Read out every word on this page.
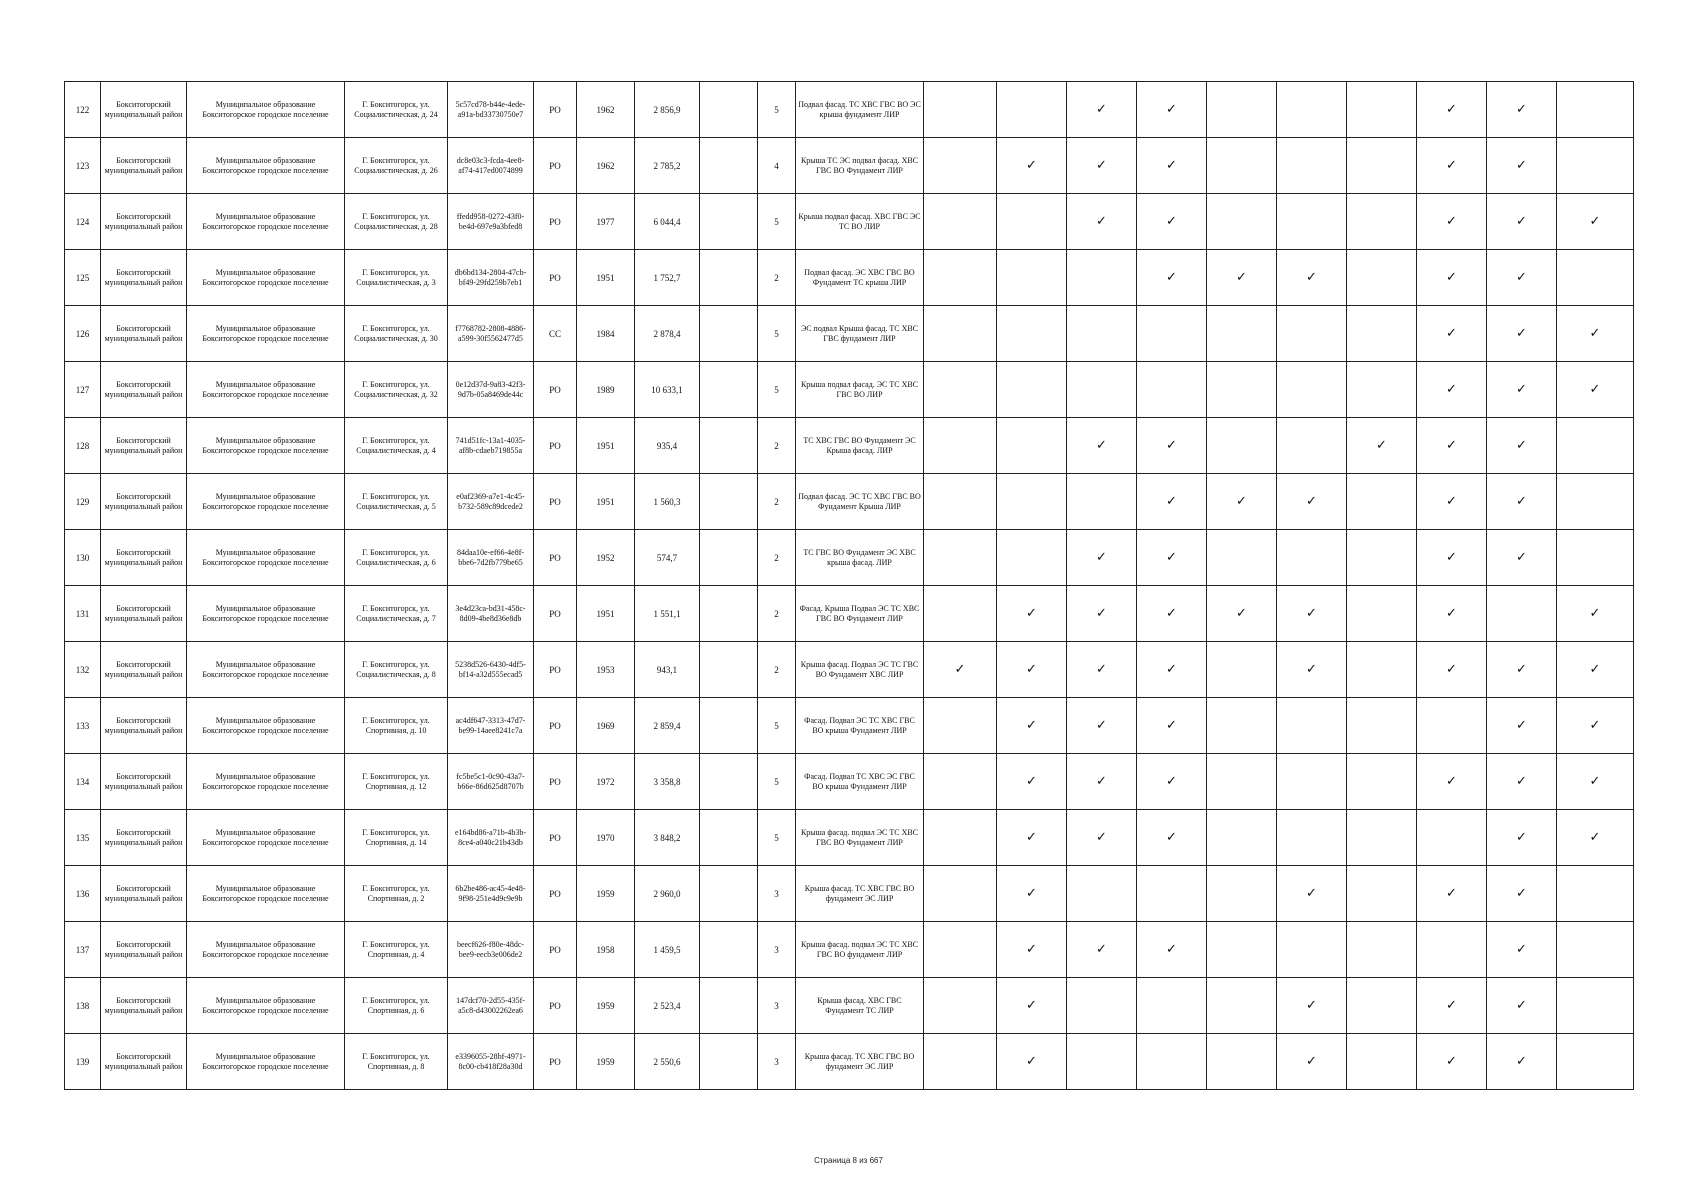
122	Бокситогорский муниципальный район	Муниципальное образование Бокситогорское городское поселение	Г. Бокситогорск, ул. Социалистическая, д. 24	5c57cd78-b44e-4ede-a91a-bd33730750e7	РО	1962	2 856,9		5	Подвал фасад. ТС ХВС ГВС ВО ЭС крыша фундамент ЛИР			✓	✓				✓	✓	
123	Бокситогорский муниципальный район	Муниципальное образование Бокситогорское городское поселение	Г. Бокситогорск, ул. Социалистическая, д. 26	dc8e03c3-fcda-4ee8-af74-417ed0074899	РО	1962	2 785,2		4	Крыша ТС ЭС подвал фасад. ХВС ГВС ВО Фундамент ЛИР		✓	✓	✓				✓	✓	
124	Бокситогорский муниципальный район	Муниципальное образование Бокситогорское городское поселение	Г. Бокситогорск, ул. Социалистическая, д. 28	ffedd958-0272-43f0-be4d-697e9a3bfed8	РО	1977	6 044,4		5	Крыша подвал фасад. ХВС ГВС ЭС ТС ВО ЛИР			✓	✓				✓	✓	✓
125	Бокситогорский муниципальный район	Муниципальное образование Бокситогорское городское поселение	Г. Бокситогорск, ул. Социалистическая, д. 3	db6bd134-2804-47cb-bf49-29fd259b7eb1	РО	1951	1 752,7		2	Подвал фасад. ЭС ХВС ГВС ВО Фундамент ТС крыша ЛИР				✓	✓	✓		✓	✓	
126	Бокситогорский муниципальный район	Муниципальное образование Бокситогорское городское поселение	Г. Бокситогорск, ул. Социалистическая, д. 30	f7768782-2808-4886-a599-30f5562477d5	СС	1984	2 878,4		5	ЭС подвал Крыша фасад. ТС ХВС ГВС фундамент ЛИР								✓	✓	✓
127	Бокситогорский муниципальный район	Муниципальное образование Бокситогорское городское поселение	Г. Бокситогорск, ул. Социалистическая, д. 32	0e12d37d-9a83-42f3-9d7b-05a8469de44c	РО	1989	10 633,1		5	Крыша подвал фасад. ЭС ТС ХВС ГВС ВО ЛИР								✓	✓	✓
128	Бокситогорский муниципальный район	Муниципальное образование Бокситогорское городское поселение	Г. Бокситогорск, ул. Социалистическая, д. 4	741d51fc-13a1-4035-af8b-cdaeb719855a	РО	1951	935,4		2	ТС ХВС ГВС ВО Фундамент ЭС Крыша фасад. ЛИР			✓	✓			✓	✓	✓	
129	Бокситогорский муниципальный район	Муниципальное образование Бокситогорское городское поселение	Г. Бокситогорск, ул. Социалистическая, д. 5	e0af2369-a7e1-4c45-b732-589c89dcede2	РО	1951	1 560,3		2	Подвал фасад. ЭС ТС ХВС ГВС ВО Фундамент Крыша ЛИР				✓	✓	✓		✓	✓	
130	Бокситогорский муниципальный район	Муниципальное образование Бокситогорское городское поселение	Г. Бокситогорск, ул. Социалистическая, д. 6	84daa10e-ef66-4e8f-bbe6-7d2fb779be65	РО	1952	574,7		2	ТС ГВС ВО Фундамент ЭС ХВС крыша фасад. ЛИР			✓	✓				✓	✓	
131	Бокситогорский муниципальный район	Муниципальное образование Бокситогорское городское поселение	Г. Бокситогорск, ул. Социалистическая, д. 7	3e4d23ca-bd31-458c-8d09-4be8d36e8db	РО	1951	1 551,1		2	Фасад. Крыша Подвал ЭС ТС ХВС ГВС ВО Фундамент ЛИР		✓	✓	✓	✓	✓		✓		✓
132	Бокситогорский муниципальный район	Муниципальное образование Бокситогорское городское поселение	Г. Бокситогорск, ул. Социалистическая, д. 8	5238d526-6430-4df5-bf14-a32d555ecad5	РО	1953	943,1		2	Крыша фасад. Подвал ЭС ТС ГВС ВО Фундамент ХВС ЛИР	✓	✓	✓	✓		✓		✓	✓	✓
133	Бокситогорский муниципальный район	Муниципальное образование Бокситогорское городское поселение	Г. Бокситогорск, ул. Спортивная, д. 10	ac4df647-3313-47d7-be99-14aee8241c7a	РО	1969	2 859,4		5	Фасад. Подвал ЭС ТС ХВС ГВС ВО крыша Фундамент ЛИР		✓	✓	✓					✓	✓
134	Бокситогорский муниципальный район	Муниципальное образование Бокситогорское городское поселение	Г. Бокситогорск, ул. Спортивная, д. 12	fc5be5c1-0c90-43a7-b66e-86d625d8707b	РО	1972	3 358,8		5	Фасад. Подвал ТС ХВС ЭС ГВС ВО крыша Фундамент ЛИР		✓	✓	✓				✓	✓	✓
135	Бокситогорский муниципальный район	Муниципальное образование Бокситогорское городское поселение	Г. Бокситогорск, ул. Спортивная, д. 14	e164bd86-a71b-4b3b-8ce4-a040c21b43db	РО	1970	3 848,2		5	Крыша фасад. подвал ЭС ТС ХВС ГВС ВО Фундамент ЛИР		✓	✓	✓					✓	✓
136	Бокситогорский муниципальный район	Муниципальное образование Бокситогорское городское поселение	Г. Бокситогорск, ул. Спортивная, д. 2	6b2be486-ac45-4e48-9f98-251e4d9c9e9b	РО	1959	2 960,0		3	Крыша фасад. ТС ХВС ГВС ВО фундамент ЭС ЛИР		✓				✓		✓	✓	
137	Бокситогорский муниципальный район	Муниципальное образование Бокситогорское городское поселение	Г. Бокситогорск, ул. Спортивная, д. 4	beecf626-f80e-48dc-bee9-eecb3e006de2	РО	1958	1 459,5		3	Крыша фасад. подвал ЭС ТС ХВС ГВС ВО фундамент ЛИР		✓	✓	✓					✓	
138	Бокситогорский муниципальный район	Муниципальное образование Бокситогорское городское поселение	Г. Бокситогорск, ул. Спортивная, д. 6	147dcf70-2d55-435f-a5c8-d43002262ea6	РО	1959	2 523,4		3	Крыша фасад. ХВС ГВС Фундамент ТС ЛИР		✓				✓		✓	✓	
139	Бокситогорский муниципальный район	Муниципальное образование Бокситогорское городское поселение	Г. Бокситогорск, ул. Спортивная, д. 8	e3396055-28bf-4971-8c00-cb418f28a30d	РО	1959	2 550,6		3	Крыша фасад. ТС ХВС ГВС ВО фундамент ЭС ЛИР		✓				✓		✓	✓	
Страница 8 из 667
